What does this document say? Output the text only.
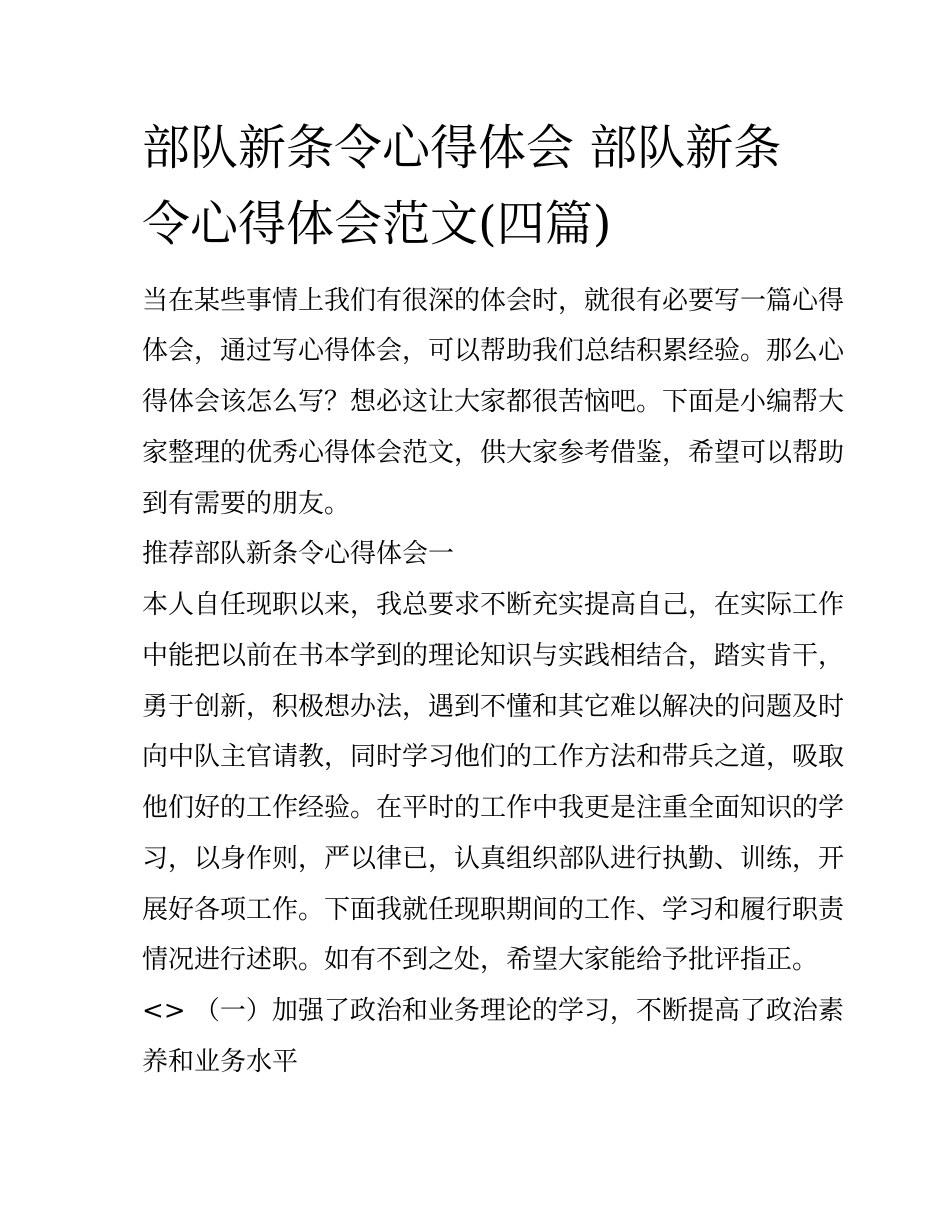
部队新条令心得体会 部队新条
令心得体会范文(四篇)

当在某些事情上我们有很深的体会时，就很有必要写一篇心得

体会，通过写心得体会，可以帮助我们总结积累经验。那么心

得体会该怎么写？想必这让大家都很苦恼吧。下面是小编帮大

家整理的优秀心得体会范文，供大家参考借鉴，希望可以帮助

到有需要的朋友。

推荐部队新条令心得体会一

本人自任现职以来，我总要求不断充实提高自己，在实际工作

中能把以前在书本学到的理论知识与实践相结合，踏实肯干，

勇于创新，积极想办法，遇到不懂和其它难以解决的问题及时

向中队主官请教，同时学习他们的工作方法和带兵之道，吸取

他们好的工作经验。在平时的工作中我更是注重全面知识的学

习，以身作则，严以律已，认真组织部队进行执勤、训练，开

展好各项工作。下面我就任现职期间的工作、学习和履行职责

情况进行述职。如有不到之处，希望大家能给予批评指正。

<> （一）加强了政治和业务理论的学习，不断提高了政治素

养和业务水平
